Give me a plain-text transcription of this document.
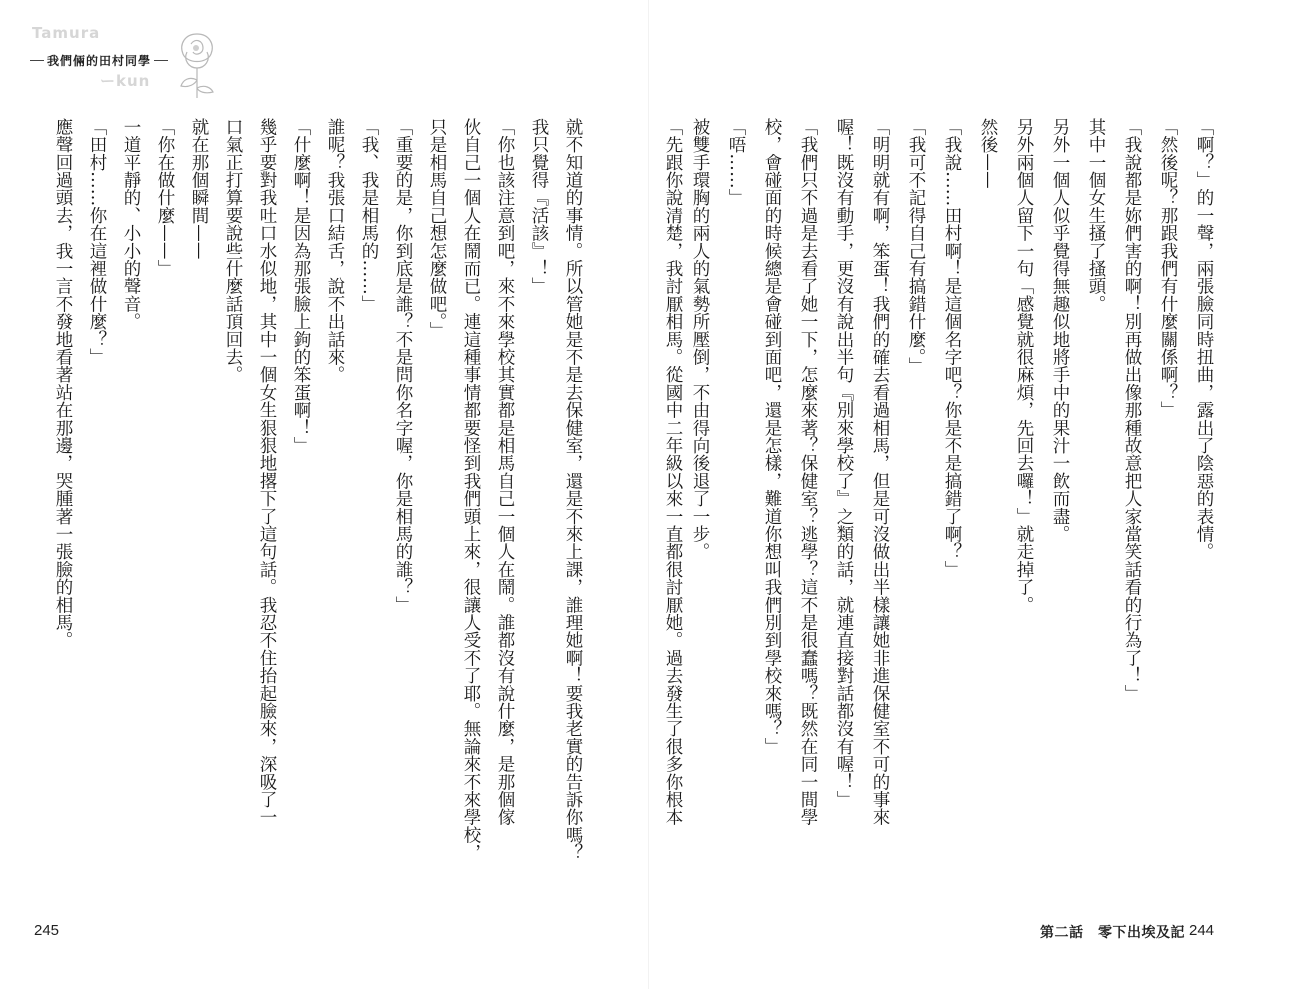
Tamura
ーkun
我們倆的田村同學
「啊？」的一聲，兩張臉同時扭曲，露出了陰惡的表情。
「然後呢？那跟我們有什麼關係啊？」
「我說都是妳們害的啊！別再做出像那種故意把人家當笑話看的行為了！」
其中一個女生搔了搔頭。
另外一個人似乎覺得無趣似地將手中的果汁一飲而盡。
另外兩個人留下一句「感覺就很麻煩，先回去囉！」就走掉了。
然後——
「我說……田村啊！是這個名字吧？你是不是搞錯了啊？」
「我可不記得自己有搞錯什麼。」
「明明就有啊，笨蛋！我們的確去看過相馬，但是可沒做出半樣讓她非進保健室不可的事來
喔！既沒有動手，更沒有說出半句『別來學校了』之類的話，就連直接對話都沒有喔！」
「我們只不過是去看了她一下，怎麼來著？保健室？逃學？這不是很蠢嗎？既然在同一間學
校，會碰面的時候總是會碰到面吧，還是怎樣，難道你想叫我們別到學校來嗎？」
「唔……」
被雙手環胸的兩人的氣勢所壓倒，不由得向後退了一步。
「先跟你說清楚，我討厭相馬。從國中二年級以來一直都很討厭她。過去發生了很多你根本
就不知道的事情。所以管她是不是去保健室，還是不來上課，誰理她啊！要我老實的告訴你嗎？
我只覺得『活該』！」
「你也該注意到吧，來不來學校其實都是相馬自己一個人在鬧。誰都沒有說什麼，是那個傢
伙自己一個人在鬧而已。連這種事情都要怪到我們頭上來，很讓人受不了耶。無論來不來學校，
只是相馬自己想怎麼做吧。」
「重要的是，你到底是誰？不是問你名字喔，你是相馬的誰？」
「我、我是相馬的……」
誰呢？我張口結舌，說不出話來。
「什麼啊！是因為那張臉上鉤的笨蛋啊！」
幾乎要對我吐口水似地，其中一個女生狠狠地撂下了這句話。我忍不住抬起臉來，深吸了一
口氣正打算要說些什麼話頂回去。
就在那個瞬間——
「你在做什麼——」
一道平靜的、小小的聲音。
「田村……你在這裡做什麼？」
應聲回過頭去，我一言不發地看著站在那邊，哭腫著一張臉的相馬。
245	第二話　零下出埃及記 244
